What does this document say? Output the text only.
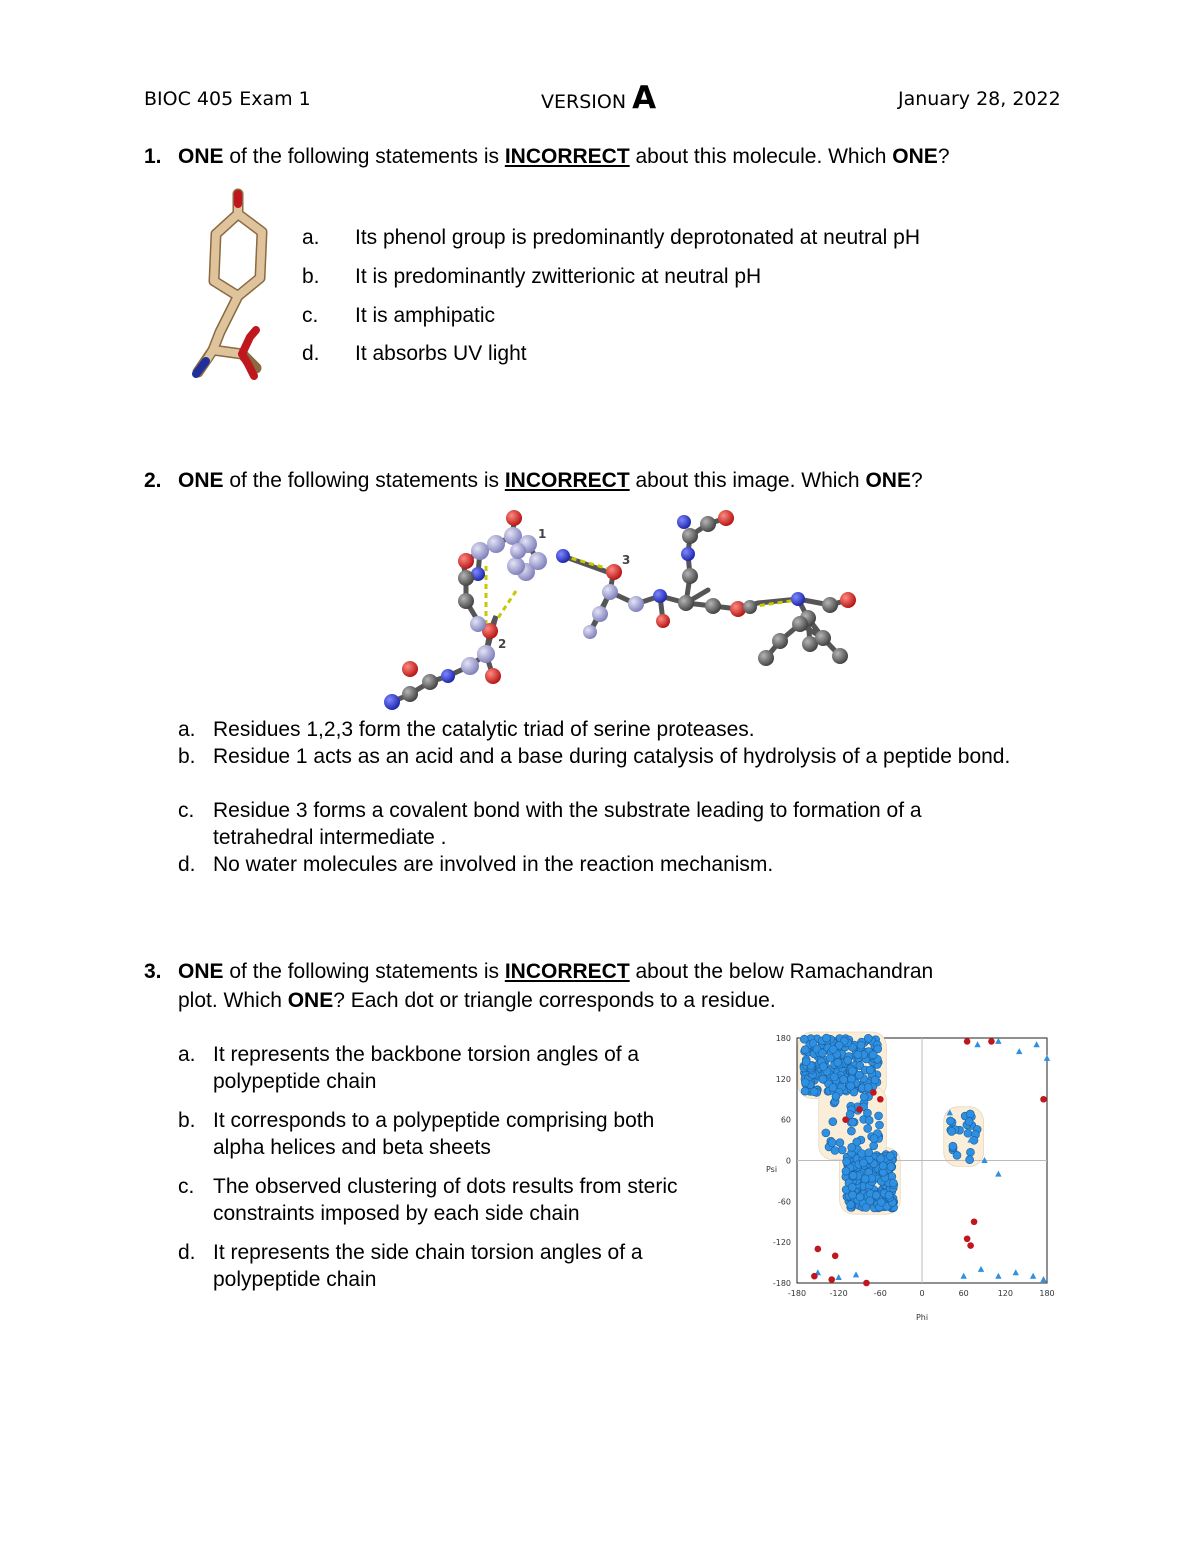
BIOC 405 Exam 1	VERSION A	January 28, 2022
1. ONE of the following statements is INCORRECT about this molecule. Which ONE?
a. Its phenol group is predominantly deprotonated at neutral pH
b. It is predominantly zwitterionic at neutral pH
c. It is amphipatic
d. It absorbs UV light
2. ONE of the following statements is INCORRECT about this image. Which ONE?
1
2
3
a. Residues 1,2,3 form the catalytic triad of serine proteases.
b. Residue 1 acts as an acid and a base during catalysis of hydrolysis of a peptide bond.
c. Residue 3 forms a covalent bond with the substrate leading to formation of a tetrahedral intermediate .
d. No water molecules are involved in the reaction mechanism.
3. ONE of the following statements is INCORRECT about the below Ramachandran
plot. Which ONE? Each dot or triangle corresponds to a residue.
a. It represents the backbone torsion angles of a
polypeptide chain
b. It corresponds to a polypeptide comprising both
alpha helices and beta sheets
c. The observed clustering of dots results from steric
constraints imposed by each side chain
d. It represents the side chain torsion angles of a
polypeptide chain
-180	-120	-60	0	60	120	180
180
120
60
0
-60
-120
-180
Phi
Psi
